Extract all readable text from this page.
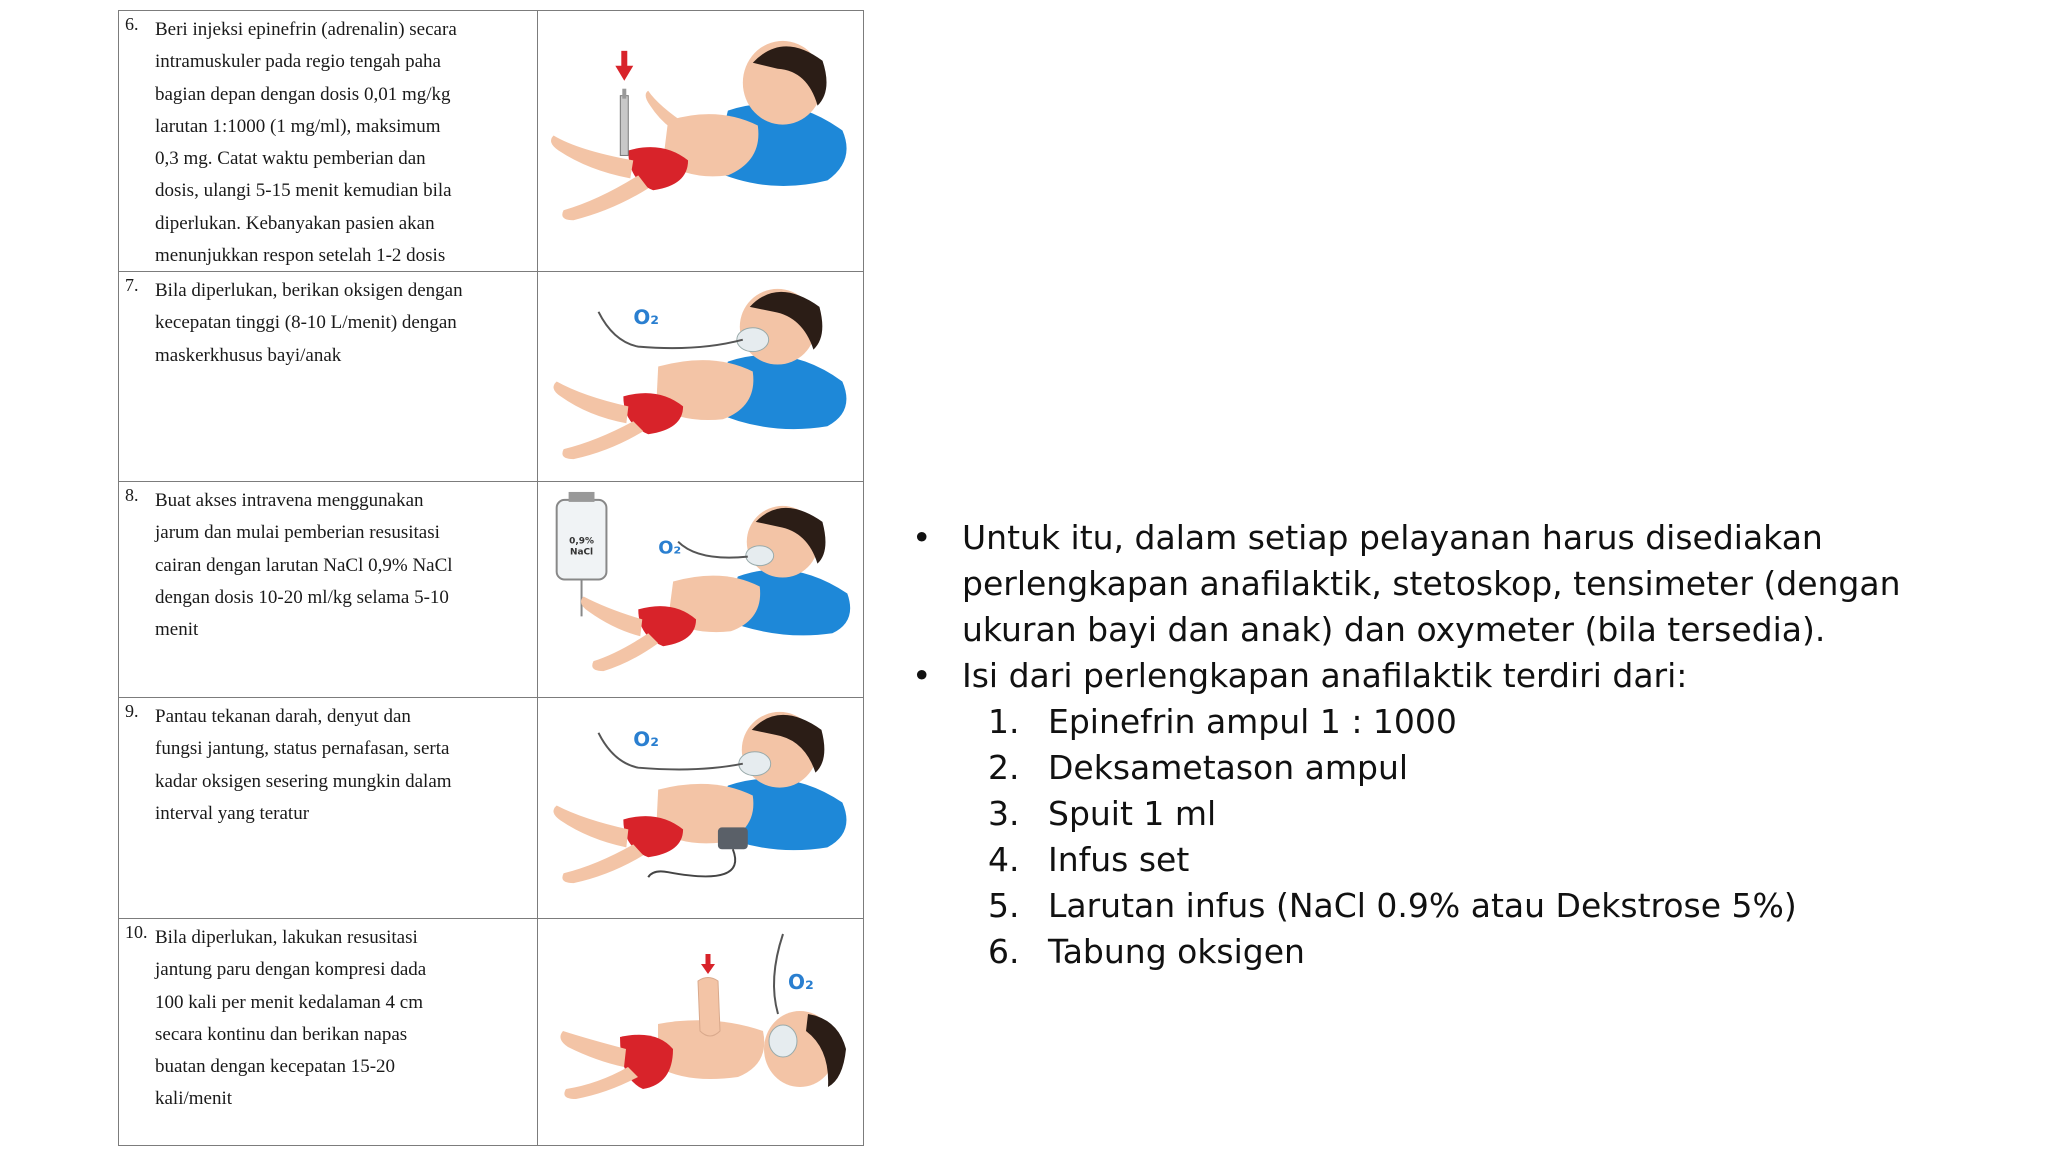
6. Beri injeksi epinefrin (adrenalin) secara
intramuskuler pada regio tengah paha
bagian depan dengan dosis 0,01 mg/kg
larutan 1:1000 (1 mg/ml), maksimum
0,3 mg. Catat waktu pemberian dan
dosis, ulangi 5-15 menit kemudian bila
diperlukan. Kebanyakan pasien akan
menunjukkan respon setelah 1-2 dosis
7. Bila diperlukan, berikan oksigen dengan
kecepatan tinggi (8-10 L/menit) dengan
maskerkhusus bayi/anak
O₂
8. Buat akses intravena menggunakan
jarum dan mulai pemberian resusitasi
cairan dengan larutan NaCl 0,9% NaCl
dengan dosis 10-20 ml/kg selama 5-10
menit
0,9%
NaCl	O₂
9. Pantau tekanan darah, denyut dan
fungsi jantung, status pernafasan, serta
kadar oksigen sesering mungkin dalam
interval yang teratur
O₂
10. Bila diperlukan, lakukan resusitasi
jantung paru dengan kompresi dada
100 kali per menit kedalaman 4 cm
secara kontinu dan berikan napas
buatan dengan kecepatan 15-20
kali/menit
O₂
• Untuk itu, dalam setiap pelayanan harus disediakan perlengkapan anafilaktik, stetoskop, tensimeter (dengan ukuran bayi dan anak) dan oxymeter (bila tersedia).
• Isi dari perlengkapan anafilaktik terdiri dari:
1. Epinefrin ampul 1 : 1000
2. Deksametason ampul
3. Spuit 1 ml
4. Infus set
5. Larutan infus (NaCl 0.9% atau Dekstrose 5%)
6. Tabung oksigen
